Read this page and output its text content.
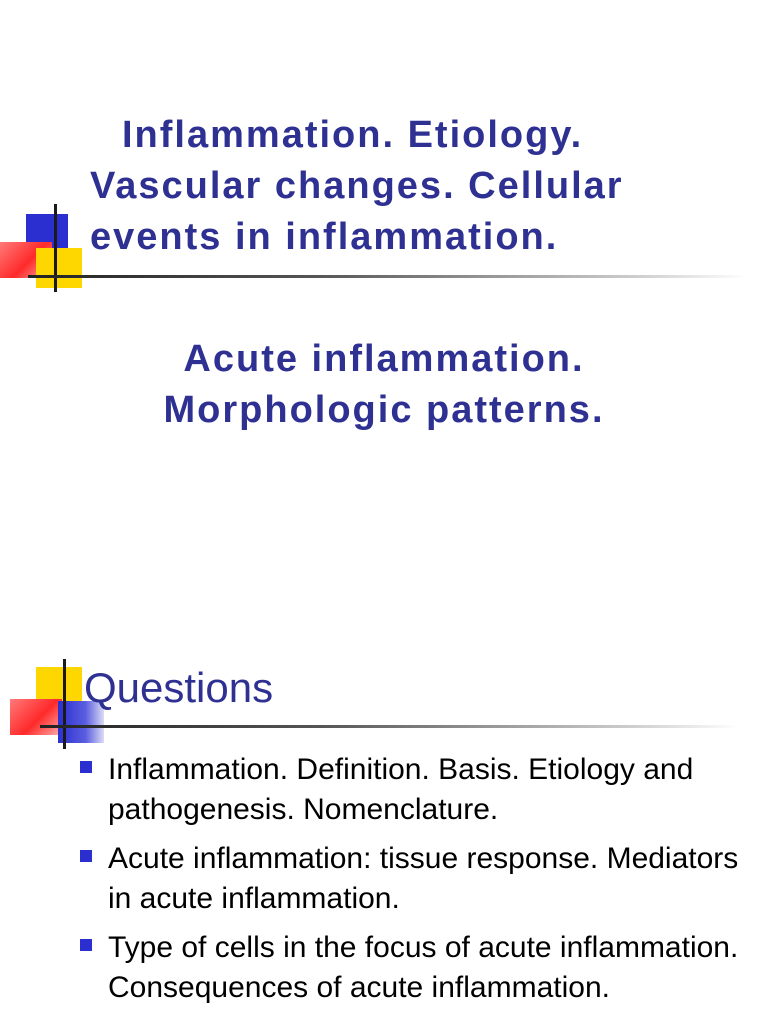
Inflammation. Etiology.
Vascular changes. Cellular
events in inflammation.
Acute inflammation.
Morphologic patterns.
Questions
Inflammation. Definition. Basis. Etiology and pathogenesis. Nomenclature.
Acute inflammation: tissue response. Mediators in acute inflammation.
Type of cells in the focus of acute inflammation. Consequences of acute inflammation.
